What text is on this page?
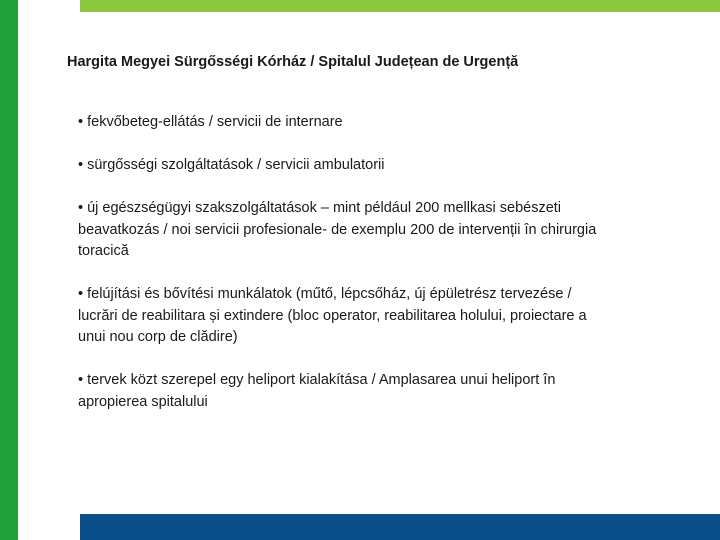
Hargita Megyei Sürgősségi Kórház / Spitalul Județean de Urgență
• fekvőbeteg-ellátás / servicii de internare
• sürgősségi szolgáltatások / servicii ambulatorii
• új egészségügyi szakszolgáltatások – mint például 200 mellkasi sebészeti beavatkozás / noi servicii profesionale- de exemplu 200 de intervenții în chirurgia toracică
• felújítási és bővítési munkálatok (műtő, lépcsőház, új épületrész tervezése / lucrări de reabilitara și extindere (bloc operator, reabilitarea holului, proiectare a unui nou corp de clădire)
• tervek közt szerepel egy heliport kialakítása / Amplasarea unui heliport în apropierea spitalului
